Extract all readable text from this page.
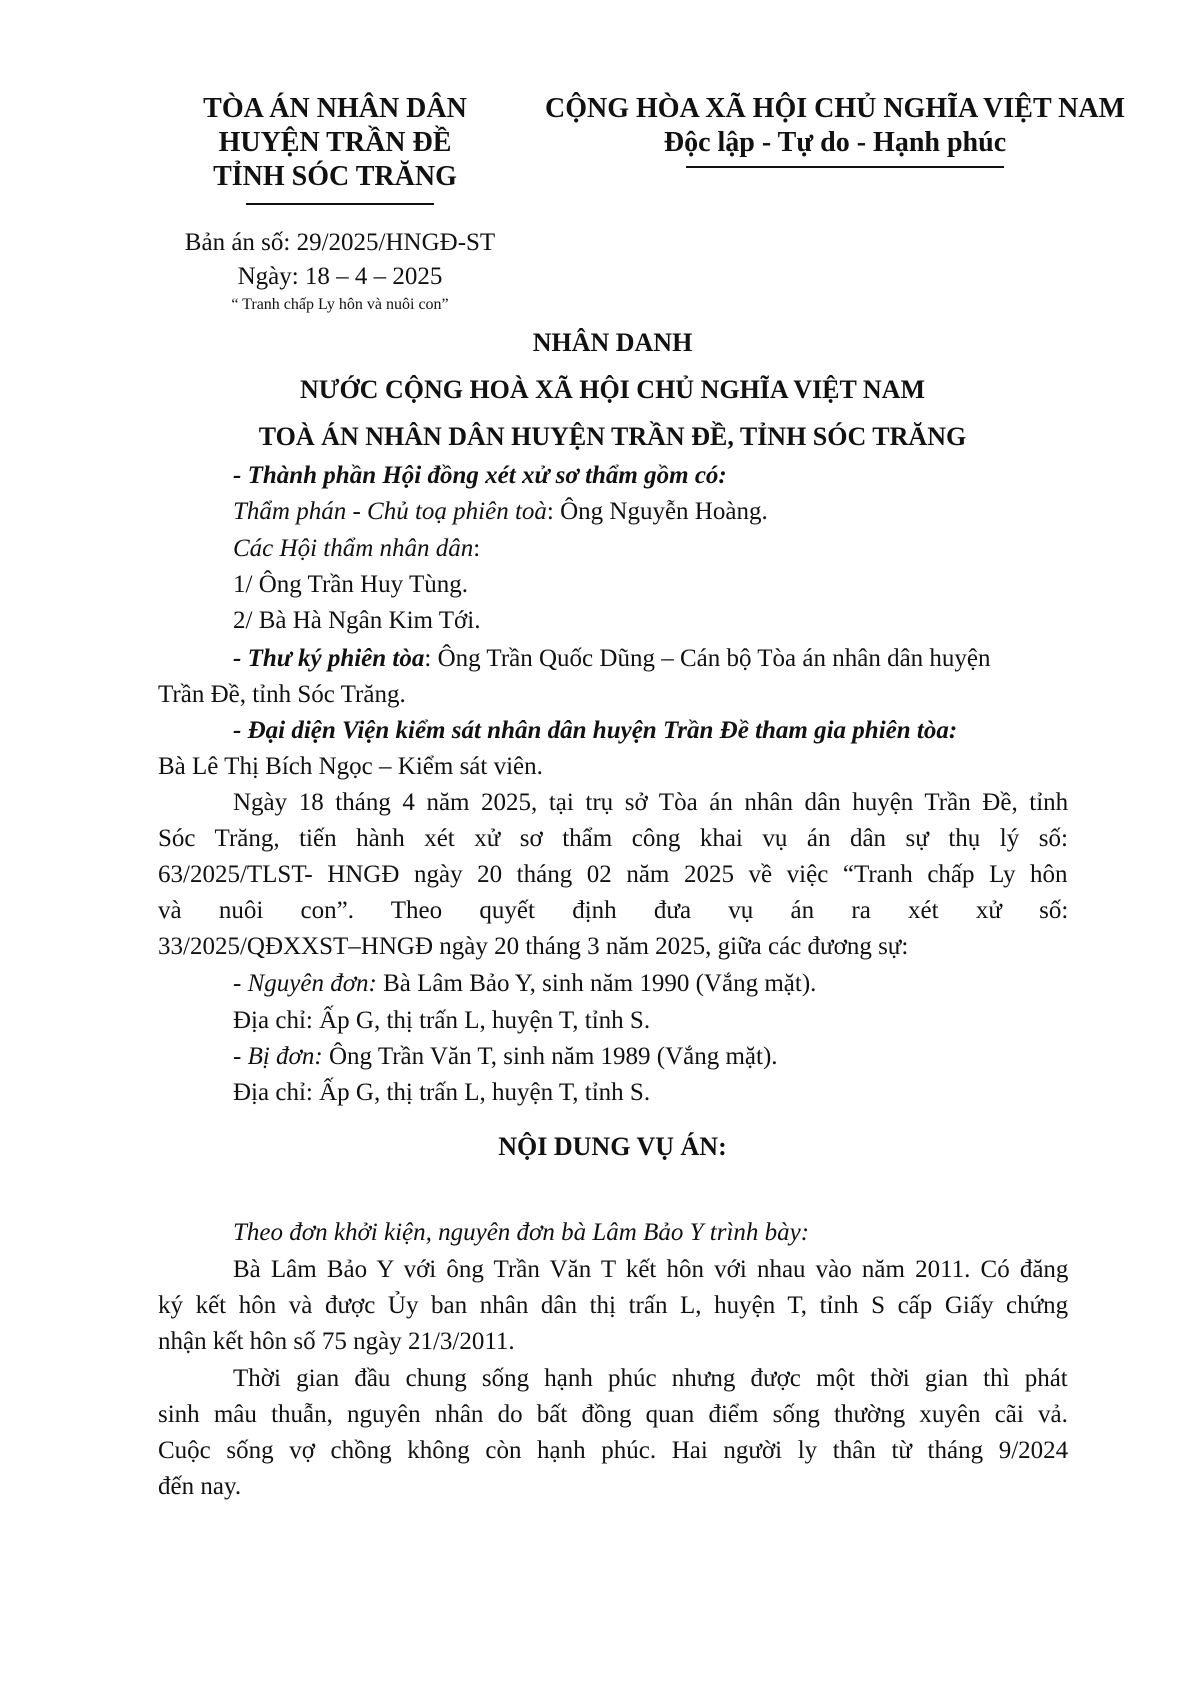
TÒA ÁN NHÂN DÂN
HUYỆN TRẦN ĐỀ
TỈNH SÓC TRĂNG
CỘNG HÒA XÃ HỘI CHỦ NGHĨA VIỆT NAM
Độc lập - Tự do - Hạnh phúc
Bản án số: 29/2025/HNGĐ-ST
Ngày: 18 – 4 – 2025
“ Tranh chấp Ly hôn và nuôi con”
NHÂN DANH
NƯỚC CỘNG HOÀ XÃ HỘI CHỦ NGHĨA VIỆT NAM
TOÀ ÁN NHÂN DÂN HUYỆN TRẦN ĐỀ, TỈNH SÓC TRĂNG
- Thành phần Hội đồng xét xử sơ thẩm gồm có:
Thẩm phán - Chủ toạ phiên toà: Ông Nguyễn Hoàng.
Các Hội thẩm nhân dân:
1/ Ông Trần Huy Tùng.
2/ Bà Hà Ngân Kim Tới.
- Thư ký phiên tòa: Ông Trần Quốc Dũng – Cán bộ Tòa án nhân dân huyện
Trần Đề, tỉnh Sóc Trăng.
- Đại diện Viện kiểm sát nhân dân huyện Trần Đề tham gia phiên tòa:
Bà Lê Thị Bích Ngọc – Kiểm sát viên.
Ngày 18 tháng 4 năm 2025, tại trụ sở Tòa án nhân dân huyện Trần Đề, tỉnh
Sóc Trăng, tiến hành xét xử sơ thẩm công khai vụ án dân sự thụ lý số:
63/2025/TLST- HNGĐ ngày 20 tháng 02 năm 2025 về việc “Tranh chấp Ly hôn
và nuôi con”. Theo quyết định đưa vụ án ra xét xử số:
33/2025/QĐXXST–HNGĐ ngày 20 tháng 3 năm 2025, giữa các đương sự:
- Nguyên đơn: Bà Lâm Bảo Y, sinh năm 1990 (Vắng mặt).
Địa chỉ: Ấp G, thị trấn L, huyện T, tỉnh S.
- Bị đơn: Ông Trần Văn T, sinh năm 1989 (Vắng mặt).
Địa chỉ: Ấp G, thị trấn L, huyện T, tỉnh S.
NỘI DUNG VỤ ÁN:
Theo đơn khởi kiện, nguyên đơn bà Lâm Bảo Y trình bày:
Bà Lâm Bảo Y với ông Trần Văn T kết hôn với nhau vào năm 2011. Có đăng
ký kết hôn và được Ủy ban nhân dân thị trấn L, huyện T, tỉnh S cấp Giấy chứng
nhận kết hôn số 75 ngày 21/3/2011.
Thời gian đầu chung sống hạnh phúc nhưng được một thời gian thì phát
sinh mâu thuẫn, nguyên nhân do bất đồng quan điểm sống thường xuyên cãi vả.
Cuộc sống vợ chồng không còn hạnh phúc. Hai người ly thân từ tháng 9/2024
đến nay.
